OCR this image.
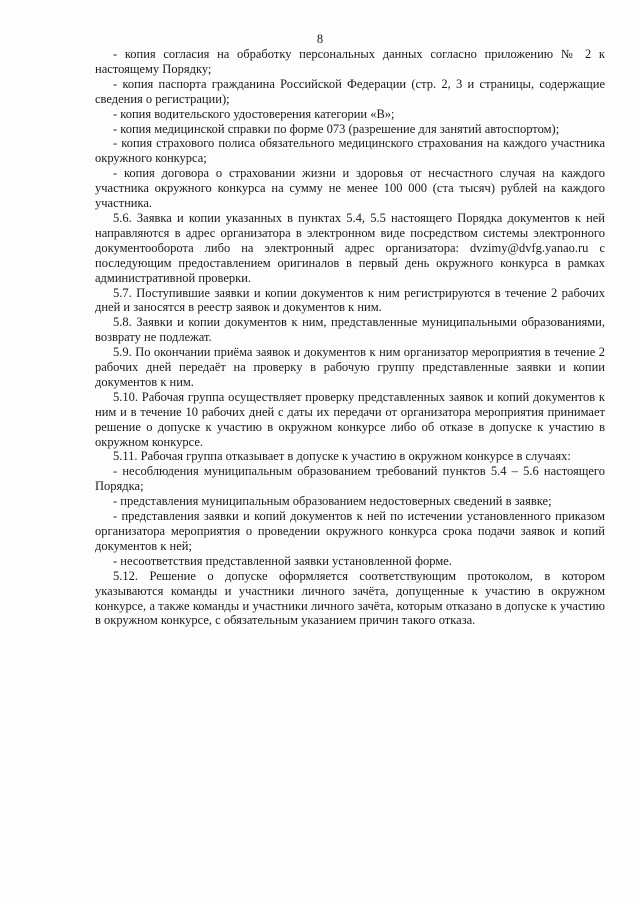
8

- копия согласия на обработку персональных данных согласно приложению № 2 к настоящему Порядку;

- копия паспорта гражданина Российской Федерации (стр. 2, 3 и страницы, содержащие сведения о регистрации);

- копия водительского удостоверения категории «В»;

- копия медицинской справки по форме 073 (разрешение для занятий автоспортом);

- копия страхового полиса обязательного медицинского страхования на каждого участника окружного конкурса;

- копия договора о страховании жизни и здоровья от несчастного случая на каждого участника окружного конкурса на сумму не менее 100 000 (ста тысяч) рублей на каждого участника.

5.6. Заявка и копии указанных в пунктах 5.4, 5.5 настоящего Порядка документов к ней направляются в адрес организатора в электронном виде посредством системы электронного документооборота либо на электронный адрес организатора: dvzimy@dvfg.yanao.ru с последующим предоставлением оригиналов в первый день окружного конкурса в рамках административной проверки.

5.7. Поступившие заявки и копии документов к ним регистрируются в течение 2 рабочих дней и заносятся в реестр заявок и документов к ним.

5.8. Заявки и копии документов к ним, представленные муниципальными образованиями, возврату не подлежат.

5.9. По окончании приёма заявок и документов к ним организатор мероприятия в течение 2 рабочих дней передаёт на проверку в рабочую группу представленные заявки и копии документов к ним.

5.10. Рабочая группа осуществляет проверку представленных заявок и копий документов к ним и в течение 10 рабочих дней с даты их передачи от организатора мероприятия принимает решение о допуске к участию в окружном конкурсе либо об отказе в допуске к участию в окружном конкурсе.

5.11. Рабочая группа отказывает в допуске к участию в окружном конкурсе в случаях:

- несоблюдения муниципальным образованием требований пунктов 5.4 – 5.6 настоящего Порядка;

- представления муниципальным образованием недостоверных сведений в заявке;

- представления заявки и копий документов к ней по истечении установленного приказом организатора мероприятия о проведении окружного конкурса срока подачи заявок и копий документов к ней;

- несоответствия представленной заявки установленной форме.

5.12. Решение о допуске оформляется соответствующим протоколом, в котором указываются команды и участники личного зачёта, допущенные к участию в окружном конкурсе, а также команды и участники личного зачёта, которым отказано в допуске к участию в окружном конкурсе, с обязательным указанием причин такого отказа.
